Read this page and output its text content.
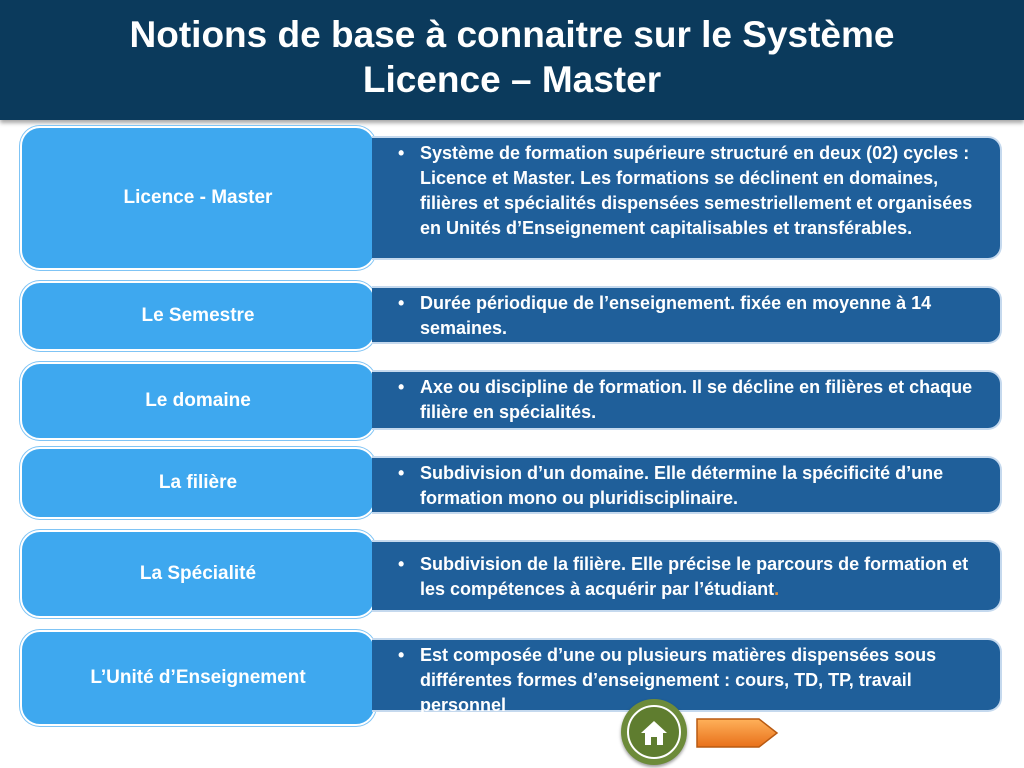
Notions de base à connaitre sur le Système
Licence – Master
Licence - Master
• Système de formation supérieure structuré en deux (02) cycles : Licence et Master. Les formations se déclinent en domaines, filières et spécialités dispensées semestriellement et organisées en Unités d’Enseignement capitalisables et transférables.
Le Semestre
• Durée périodique de l’enseignement. fixée en moyenne à 14 semaines.
Le domaine
• Axe ou discipline de formation. Il se décline en filières et chaque filière en spécialités.
La filière	• Subdivision d’un domaine. Elle détermine la spécificité d’une formation mono ou pluridisciplinaire.
La Spécialité	• Subdivision de la filière. Elle précise le parcours de formation et les compétences à acquérir par l’étudiant.
L’Unité d’Enseignement
• Est composée d’une ou plusieurs matières dispensées sous différentes formes d’enseignement : cours, TD, TP, travail personnel
